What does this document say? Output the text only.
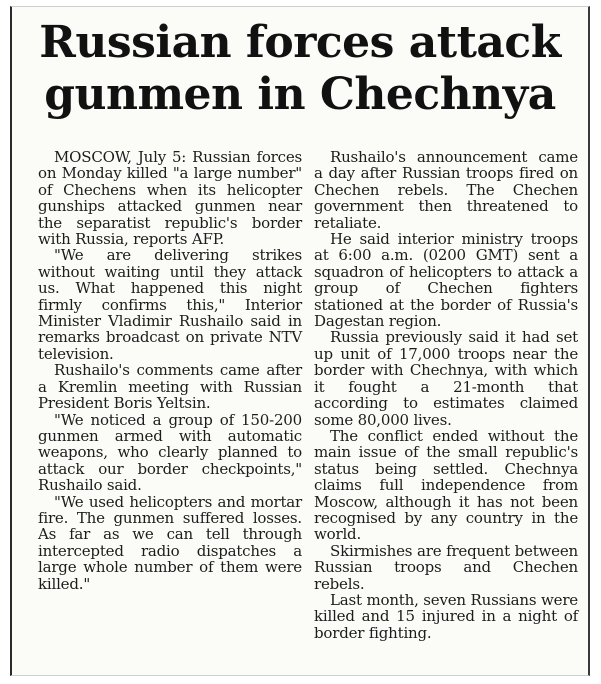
Russian forces attack
gunmen in Chechnya

MOSCOW, July 5: Russian forces on Monday killed "a large number" of Chechens when its helicopter gunships attacked gunmen near the separatist republic's border with Russia, reports AFP.

"We are delivering strikes without waiting until they attack us. What happened this night firmly confirms this," Interior Minister Vladimir Rushailo said in remarks broadcast on private NTV television.

Rushailo's comments came after a Kremlin meeting with Russian President Boris Yeltsin.

"We noticed a group of 150-200 gunmen armed with automatic weapons, who clearly planned to attack our border checkpoints," Rushailo said.

"We used helicopters and mortar fire. The gunmen suffered losses. As far as we can tell through intercepted radio dispatches a large whole number of them were killed."

Rushailo's announcement came a day after Russian troops fired on Chechen rebels. The Chechen government then threatened to retaliate.

He said interior ministry troops at 6:00 a.m. (0200 GMT) sent a squadron of helicopters to attack a group of Chechen fighters stationed at the border of Russia's Dagestan region.

Russia previously said it had set up unit of 17,000 troops near the border with Chechnya, with which it fought a 21-month that according to estimates claimed some 80,000 lives.

The conflict ended without the main issue of the small republic's status being settled. Chechnya claims full independence from Moscow, although it has not been recognised by any country in the world.

Skirmishes are frequent between Russian troops and Chechen rebels.

Last month, seven Russians were killed and 15 injured in a night of border fighting.
